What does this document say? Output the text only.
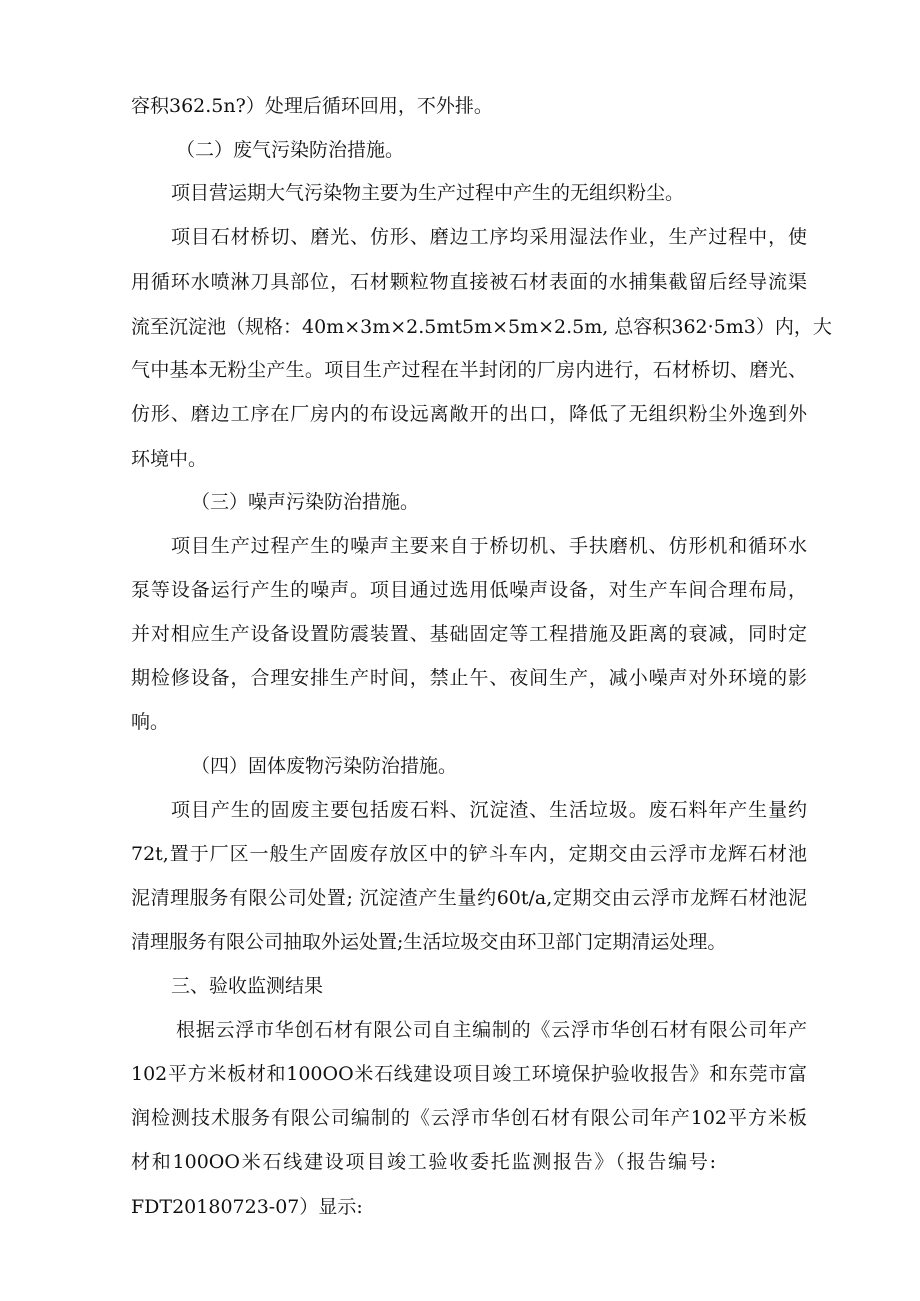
容积362.5n?）处理后循环回用，不外排。
（二）废气污染防治措施。
项目营运期大气污染物主要为生产过程中产生的无组织粉尘。
项目石材桥切、磨光、仿形、磨边工序均采用湿法作业，生产过程中，使
用循环水喷淋刀具部位，石材颗粒物直接被石材表面的水捕集截留后经导流渠
流至沉淀池（规格：40m×3m×2.5mt5m×5m×2.5m, 总容积362·5m3）内，大
气中基本无粉尘产生。项目生产过程在半封闭的厂房内进行，石材桥切、磨光、
仿形、磨边工序在厂房内的布设远离敞开的出口，降低了无组织粉尘外逸到外
环境中。
（三）噪声污染防治措施。
项目生产过程产生的噪声主要来自于桥切机、手扶磨机、仿形机和循环水
泵等设备运行产生的噪声。项目通过选用低噪声设备，对生产车间合理布局，
并对相应生产设备设置防震装置、基础固定等工程措施及距离的衰减，同时定
期检修设备，合理安排生产时间，禁止午、夜间生产，减小噪声对外环境的影
响。
（四）固体废物污染防治措施。
项目产生的固废主要包括废石料、沉淀渣、生活垃圾。废石料年产生量约
72t,置于厂区一般生产固废存放区中的铲斗车内，定期交由云浮市龙辉石材池
泥清理服务有限公司处置; 沉淀渣产生量约60t/a,定期交由云浮市龙辉石材池泥
清理服务有限公司抽取外运处置;生活垃圾交由环卫部门定期清运处理。
三、验收监测结果
根据云浮市华创石材有限公司自主编制的《云浮市华创石材有限公司年产
102平方米板材和100OO米石线建设项目竣工环境保护验收报告》和东莞市富
润检测技术服务有限公司编制的《云浮市华创石材有限公司年产102平方米板
材和100OO米石线建设项目竣工验收委托监测报告》（报告编号:
FDT20180723-07）显示:
